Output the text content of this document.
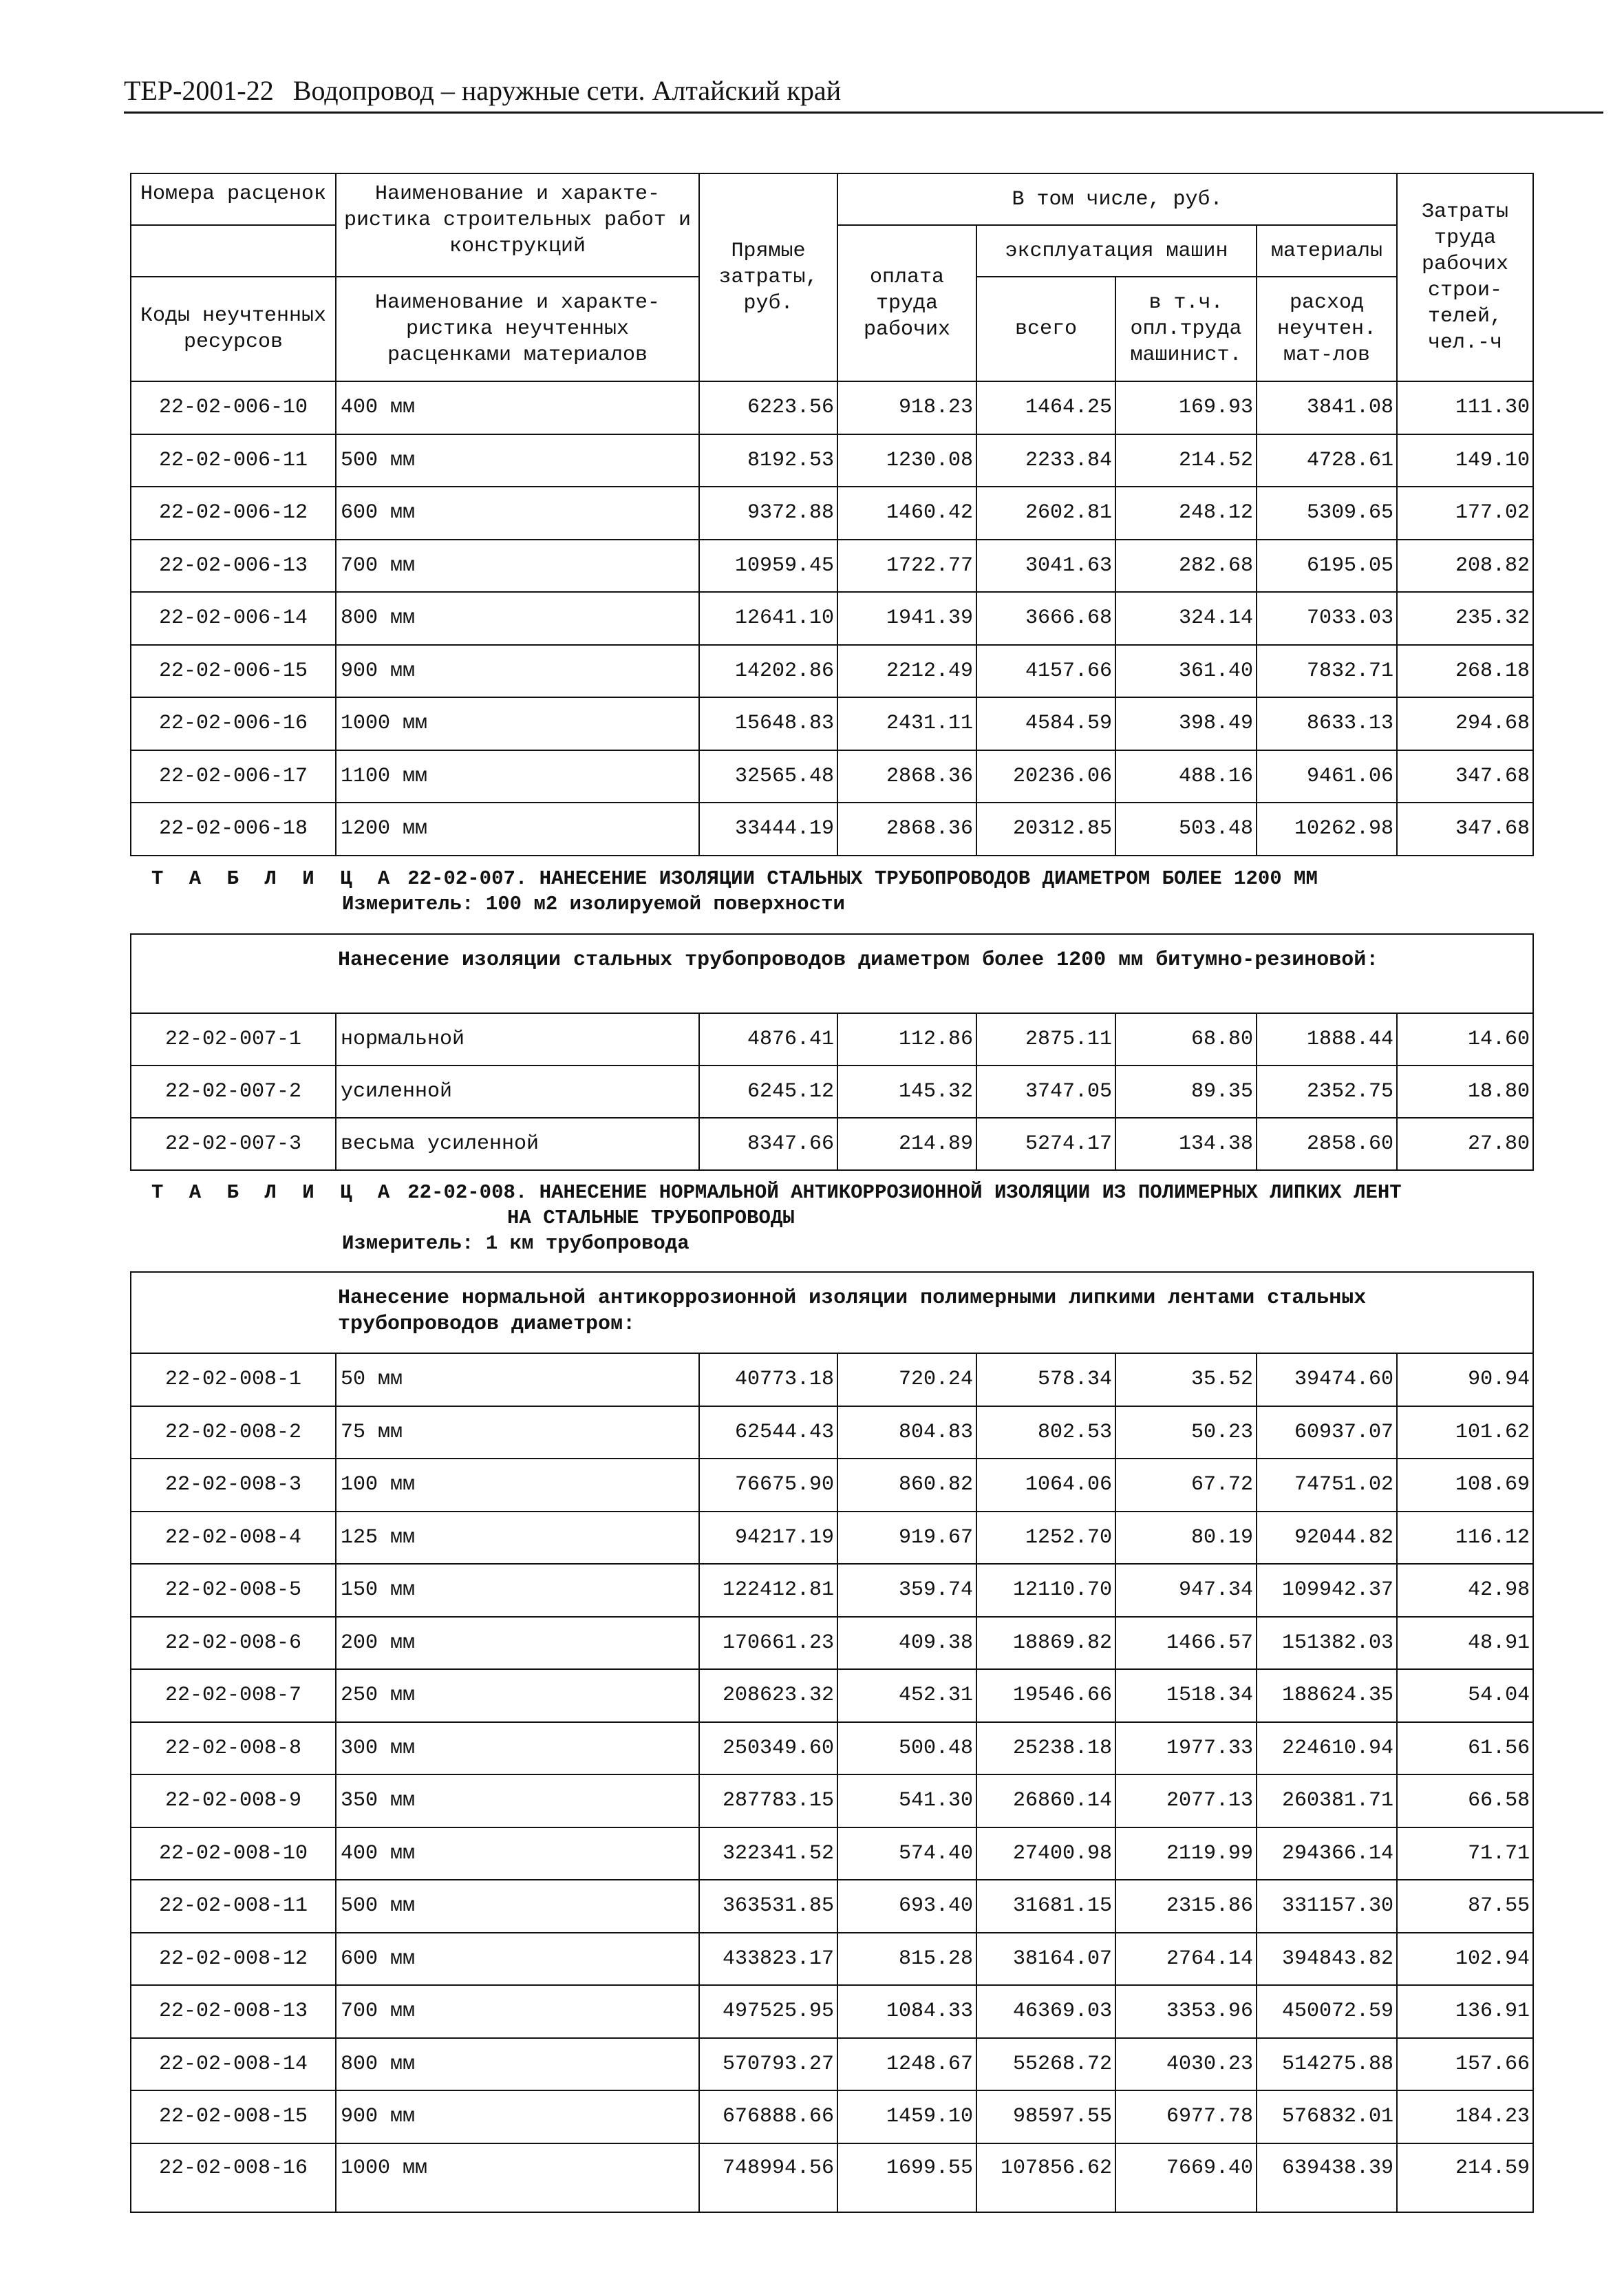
ТЕР-2001-22 Водопровод – наружные сети. Алтайский край
Номера расценок	Наименование и характе-ристика строительных работ и конструкций	Прямые затраты, руб.	В том числе, руб.				Затраты труда рабочих строи-телей, чел.-ч
			оплата труда рабочих	эксплуатация машин		материалы	
Коды неучтенных ресурсов	Наименование и характе-ристика неучтенных расценками материалов			всего	в т.ч. опл.труда машинист.	расход неучтен. мат-лов	

22-02-006-10	400 мм	6223.56	918.23	1464.25	169.93	3841.08	111.30
22-02-006-11	500 мм	8192.53	1230.08	2233.84	214.52	4728.61	149.10
22-02-006-12	600 мм	9372.88	1460.42	2602.81	248.12	5309.65	177.02
22-02-006-13	700 мм	10959.45	1722.77	3041.63	282.68	6195.05	208.82
22-02-006-14	800 мм	12641.10	1941.39	3666.68	324.14	7033.03	235.32
22-02-006-15	900 мм	14202.86	2212.49	4157.66	361.40	7832.71	268.18
22-02-006-16	1000 мм	15648.83	2431.11	4584.59	398.49	8633.13	294.68
22-02-006-17	1100 мм	32565.48	2868.36	20236.06	488.16	9461.06	347.68
22-02-006-18	1200 мм	33444.19	2868.36	20312.85	503.48	10262.98	347.68
Т А Б Л И Ц А 22-02-007. НАНЕСЕНИЕ ИЗОЛЯЦИИ СТАЛЬНЫХ ТРУБОПРОВОДОВ ДИАМЕТРОМ БОЛЕЕ 1200 ММ
Измеритель: 100 м2 изолируемой поверхности
Нанесение изоляции стальных трубопроводов диаметром более 1200 мм битумно-резиновой:							
22-02-007-1	нормальной	4876.41	112.86	2875.11	68.80	1888.44	14.60
22-02-007-2	усиленной	6245.12	145.32	3747.05	89.35	2352.75	18.80
22-02-007-3	весьма усиленной	8347.66	214.89	5274.17	134.38	2858.60	27.80
Т А Б Л И Ц А 22-02-008. НАНЕСЕНИЕ НОРМАЛЬНОЙ АНТИКОРРОЗИОННОЙ ИЗОЛЯЦИИ ИЗ ПОЛИМЕРНЫХ ЛИПКИХ ЛЕНТ
НА СТАЛЬНЫЕ ТРУБОПРОВОДЫ
Измеритель: 1 км трубопровода
Нанесение нормальной антикоррозионной изоляции полимерными липкими лентами стальных трубопроводов диаметром:							
22-02-008-1	50 мм	40773.18	720.24	578.34	35.52	39474.60	90.94
22-02-008-2	75 мм	62544.43	804.83	802.53	50.23	60937.07	101.62
22-02-008-3	100 мм	76675.90	860.82	1064.06	67.72	74751.02	108.69
22-02-008-4	125 мм	94217.19	919.67	1252.70	80.19	92044.82	116.12
22-02-008-5	150 мм	122412.81	359.74	12110.70	947.34	109942.37	42.98
22-02-008-6	200 мм	170661.23	409.38	18869.82	1466.57	151382.03	48.91
22-02-008-7	250 мм	208623.32	452.31	19546.66	1518.34	188624.35	54.04
22-02-008-8	300 мм	250349.60	500.48	25238.18	1977.33	224610.94	61.56
22-02-008-9	350 мм	287783.15	541.30	26860.14	2077.13	260381.71	66.58
22-02-008-10	400 мм	322341.52	574.40	27400.98	2119.99	294366.14	71.71
22-02-008-11	500 мм	363531.85	693.40	31681.15	2315.86	331157.30	87.55
22-02-008-12	600 мм	433823.17	815.28	38164.07	2764.14	394843.82	102.94
22-02-008-13	700 мм	497525.95	1084.33	46369.03	3353.96	450072.59	136.91
22-02-008-14	800 мм	570793.27	1248.67	55268.72	4030.23	514275.88	157.66
22-02-008-15	900 мм	676888.66	1459.10	98597.55	6977.78	576832.01	184.23
22-02-008-16	1000 мм	748994.56	1699.55	107856.62	7669.40	639438.39	214.59
